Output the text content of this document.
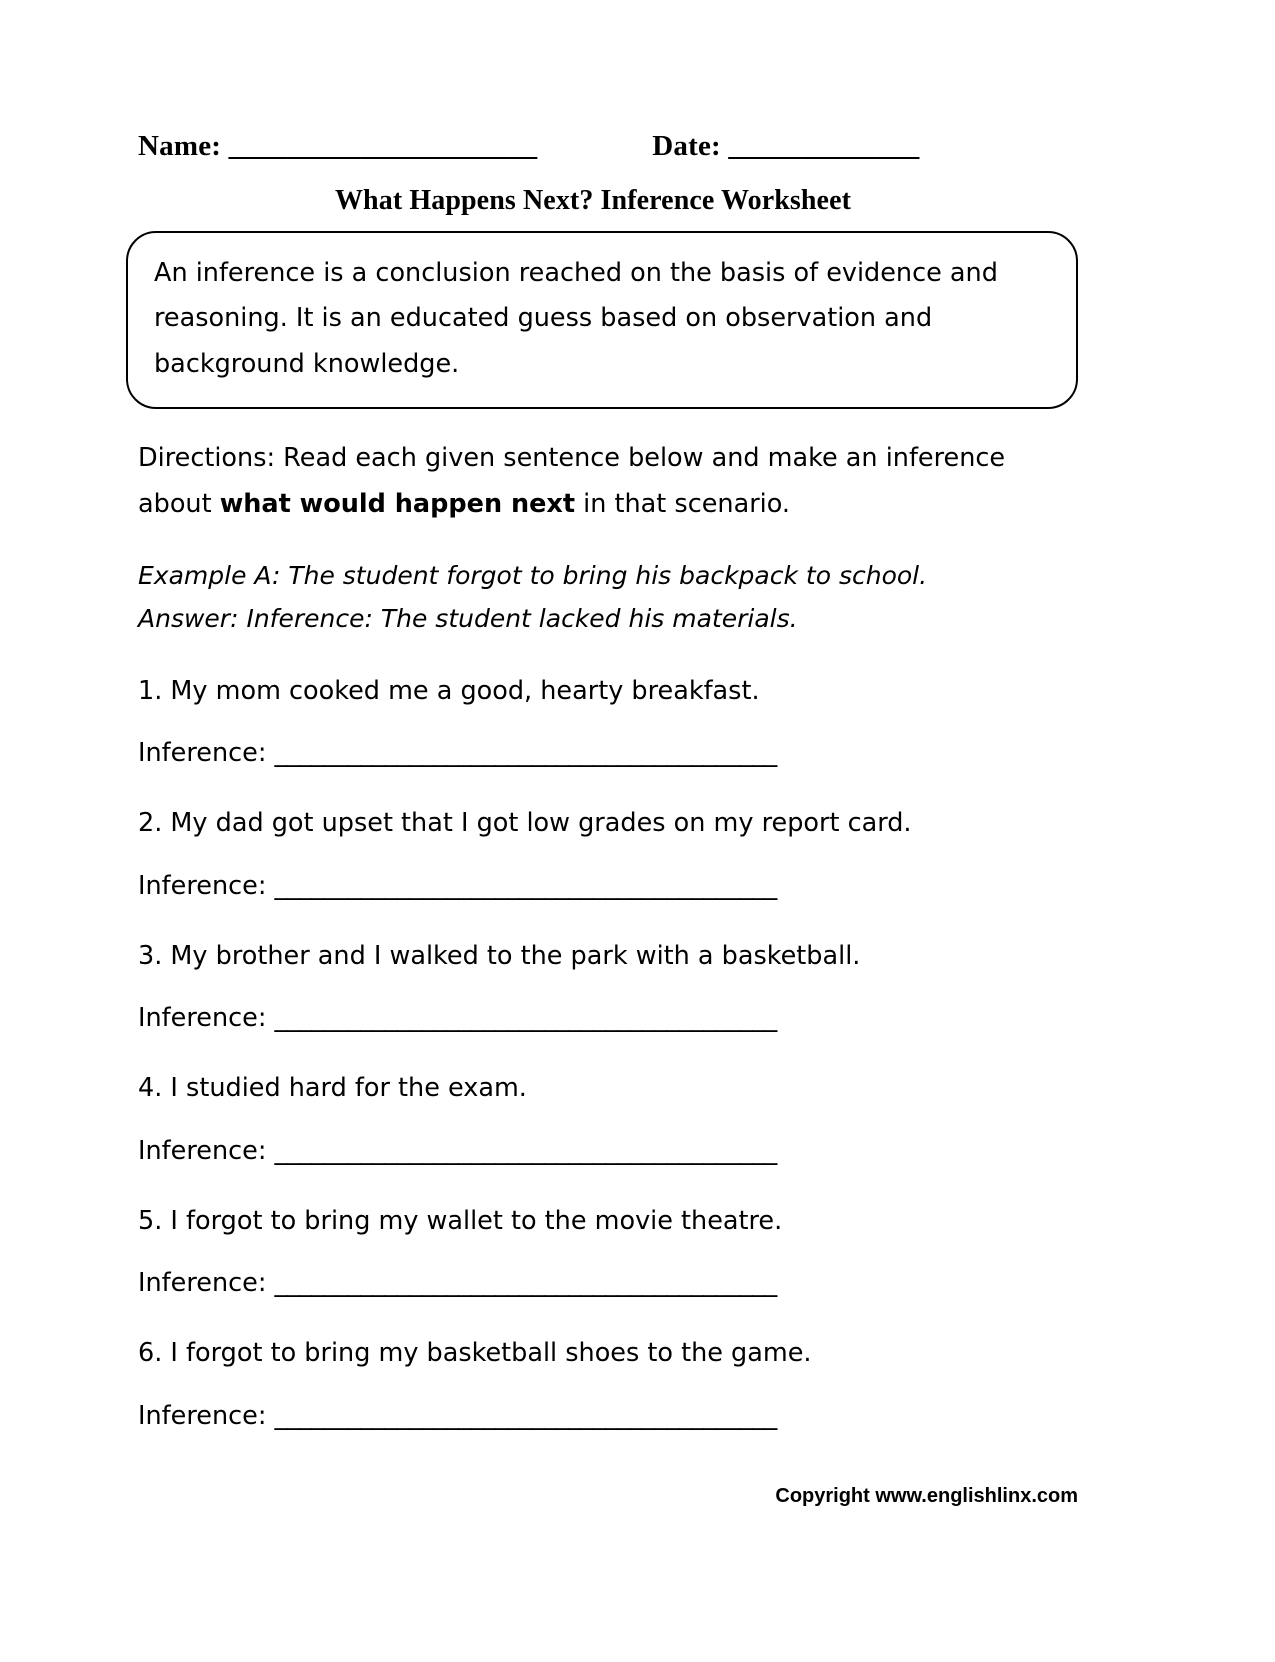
Name: _____________________	Date: _____________
What Happens Next? Inference Worksheet
An inference is a conclusion reached on the basis of evidence and reasoning. It is an educated guess based on observation and background knowledge.
Directions: Read each given sentence below and make an inference about what would happen next in that scenario.
Example A: The student forgot to bring his backpack to school.
Answer: Inference: The student lacked his materials.
1. My mom cooked me a good, hearty breakfast.
Inference: _________________________________________
2. My dad got upset that I got low grades on my report card.
Inference: _________________________________________
3. My brother and I walked to the park with a basketball.
Inference: _________________________________________
4. I studied hard for the exam.
Inference: _________________________________________
5. I forgot to bring my wallet to the movie theatre.
Inference: _________________________________________
6. I forgot to bring my basketball shoes to the game.
Inference: _________________________________________
Copyright www.englishlinx.com
